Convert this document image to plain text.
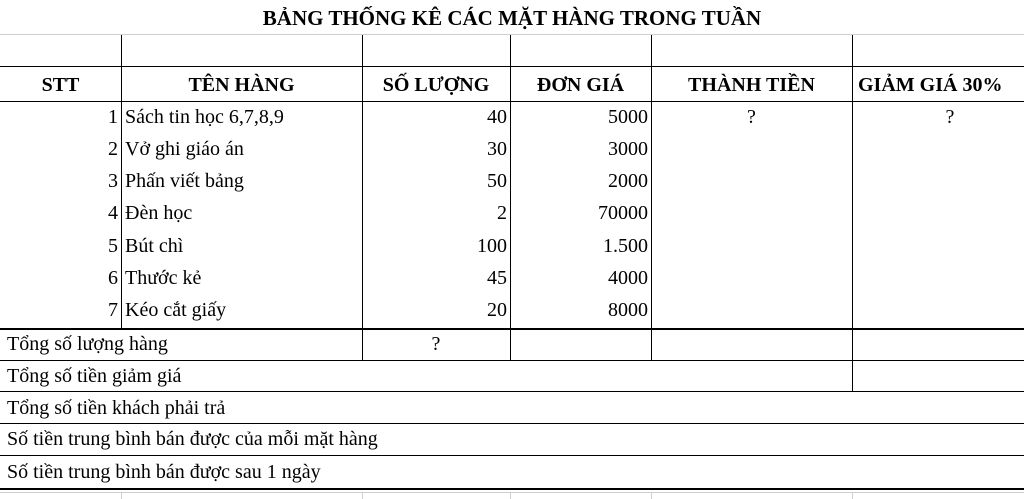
BẢNG THỐNG KÊ CÁC MẶT HÀNG TRONG TUẦN
STT	TÊN HÀNG	SỐ LƯỢNG	ĐƠN GIÁ	THÀNH TIỀN	GIẢM GIÁ 30%
1 Sách tin học 6,7,8,9	40	5000	?	?
2 Vở ghi giáo án	30	3000
3 Phấn viết bảng	50	2000
4 Đèn học	2	70000
5 Bút chì	100	1.500
6 Thước kẻ	45	4000
7 Kéo cắt giấy	20	8000
Tổng số lượng hàng	?
Tổng số tiền giảm giá
Tổng số tiền khách phải trả
Số tiền trung bình bán được của mỗi mặt hàng
Số tiền trung bình bán được sau 1 ngày
